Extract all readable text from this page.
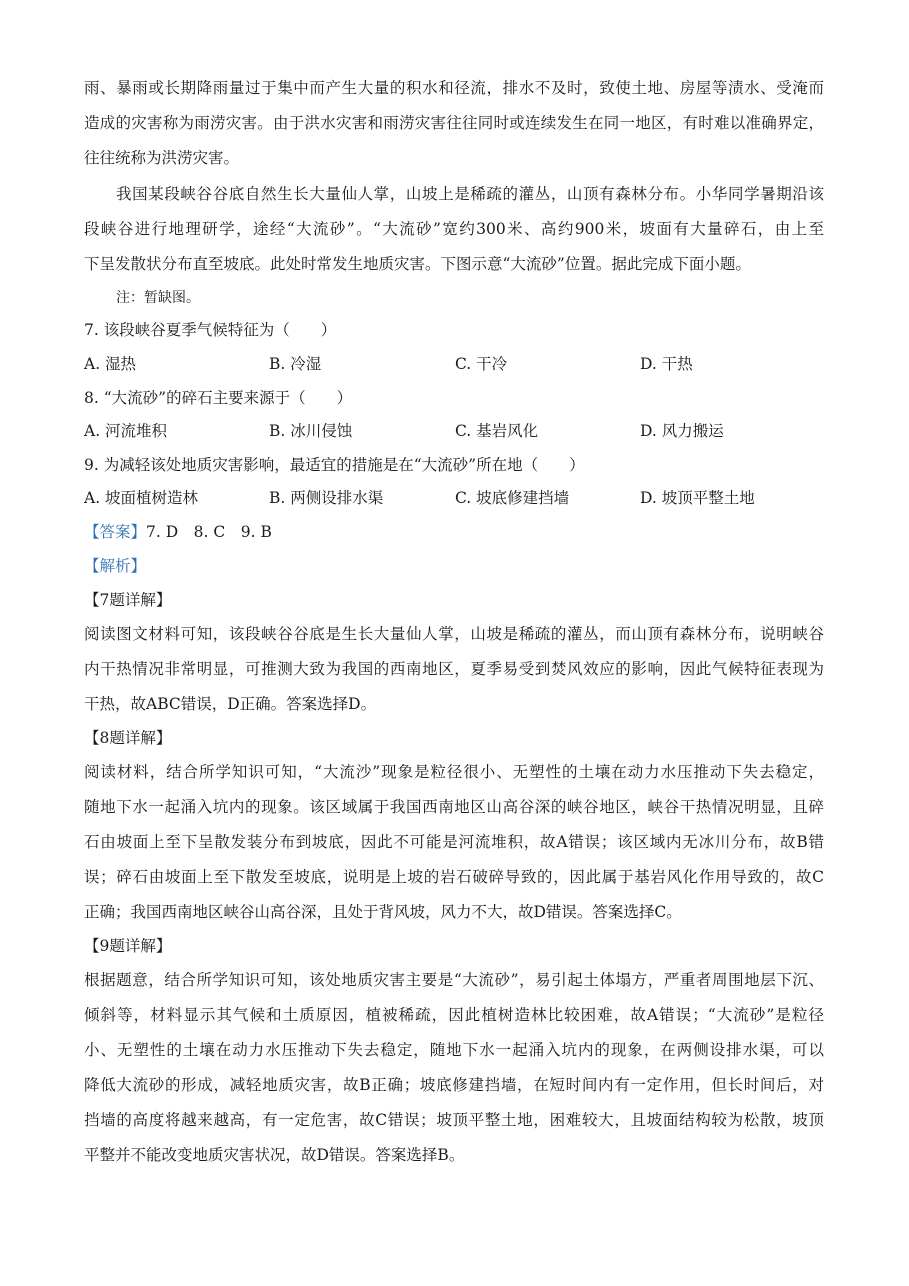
雨、暴雨或长期降雨量过于集中而产生大量的积水和径流，排水不及时，致使土地、房屋等渍水、受淹而
造成的灾害称为雨涝灾害。由于洪水灾害和雨涝灾害往往同时或连续发生在同一地区，有时难以准确界定，
往往统称为洪涝灾害。
我国某段峡谷谷底自然生长大量仙人掌，山坡上是稀疏的灌丛，山顶有森林分布。小华同学暑期沿该
段峡谷进行地理研学，途经“大流砂”。“大流砂”宽约300米、高约900米，坡面有大量碎石，由上至
下呈发散状分布直至坡底。此处时常发生地质灾害。下图示意“大流砂”位置。据此完成下面小题。
注：暂缺图。
7. 该段峡谷夏季气候特征为（　　）
A. 湿热	B. 冷湿	C. 干冷	D. 干热
8. “大流砂”的碎石主要来源于（　　）
A. 河流堆积	B. 冰川侵蚀	C. 基岩风化	D. 风力搬运
9. 为减轻该处地质灾害影响，最适宜的措施是在“大流砂”所在地（　　）
A. 坡面植树造林	B. 两侧设排水渠	C. 坡底修建挡墙	D. 坡顶平整土地
【答案】7. D　8. C　9. B
【解析】
【7题详解】
阅读图文材料可知，该段峡谷谷底是生长大量仙人掌，山坡是稀疏的灌丛，而山顶有森林分布，说明峡谷
内干热情况非常明显，可推测大致为我国的西南地区，夏季易受到焚风效应的影响，因此气候特征表现为
干热，故ABC错误，D正确。答案选择D。
【8题详解】
阅读材料，结合所学知识可知，“大流沙”现象是粒径很小、无塑性的土壤在动力水压推动下失去稳定，
随地下水一起涌入坑内的现象。该区域属于我国西南地区山高谷深的峡谷地区，峡谷干热情况明显，且碎
石由坡面上至下呈散发装分布到坡底，因此不可能是河流堆积，故A错误；该区域内无冰川分布，故B错
误；碎石由坡面上至下散发至坡底，说明是上坡的岩石破碎导致的，因此属于基岩风化作用导致的，故C
正确；我国西南地区峡谷山高谷深，且处于背风坡，风力不大，故D错误。答案选择C。
【9题详解】
根据题意，结合所学知识可知，该处地质灾害主要是“大流砂”，易引起土体塌方，严重者周围地层下沉、
倾斜等，材料显示其气候和土质原因，植被稀疏，因此植树造林比较困难，故A错误；“大流砂”是粒径
小、无塑性的土壤在动力水压推动下失去稳定，随地下水一起涌入坑内的现象，在两侧设排水渠，可以
降低大流砂的形成，减轻地质灾害，故B正确；坡底修建挡墙，在短时间内有一定作用，但长时间后，对
挡墙的高度将越来越高，有一定危害，故C错误；坡顶平整土地，困难较大，且坡面结构较为松散，坡顶
平整并不能改变地质灾害状况，故D错误。答案选择B。
